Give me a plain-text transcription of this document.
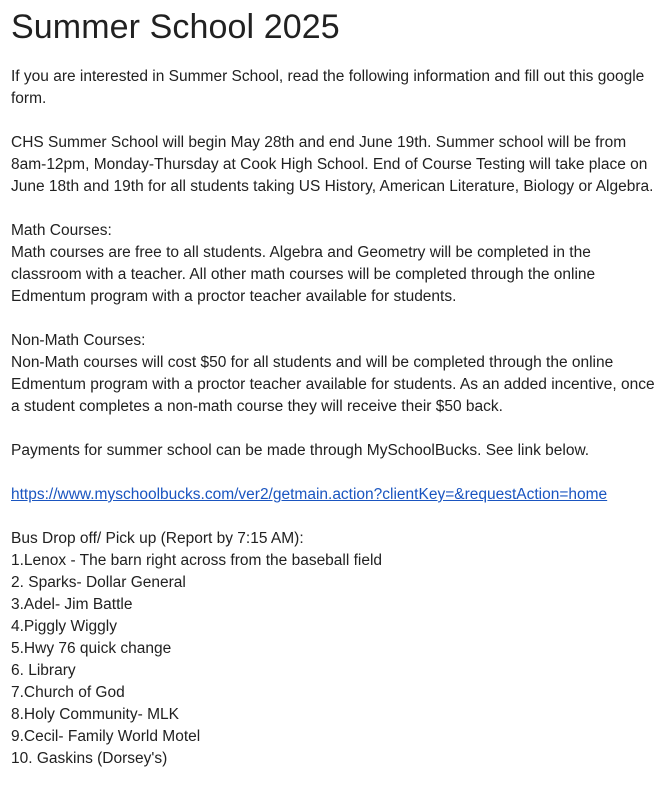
Summer School 2025

If you are interested in Summer School, read the following information and fill out this google form.

CHS Summer School will begin May 28th and end June 19th. Summer school will be from 8am-12pm, Monday-Thursday at Cook High School. End of Course Testing will take place on June 18th and 19th for all students taking US History, American Literature, Biology or Algebra.

Math Courses:

Math courses are free to all students. Algebra and Geometry will be completed in the classroom with a teacher. All other math courses will be completed through the online Edmentum program with a proctor teacher available for students.

Non-Math Courses:

Non-Math courses will cost $50 for all students and will be completed through the online Edmentum program with a proctor teacher available for students. As an added incentive, once a student completes a non-math course they will receive their $50 back.

Payments for summer school can be made through MySchoolBucks. See link below.

https://www.myschoolbucks.com/ver2/getmain.action?clientKey=&requestAction=home

Bus Drop off/ Pick up (Report by 7:15 AM):

1.Lenox - The barn right across from the baseball field
2. Sparks- Dollar General
3.Adel- Jim Battle
4.Piggly Wiggly
5.Hwy 76 quick change
6. Library
7.Church of God
8.Holy Community- MLK
9.Cecil- Family World Motel
10. Gaskins (Dorsey's)
